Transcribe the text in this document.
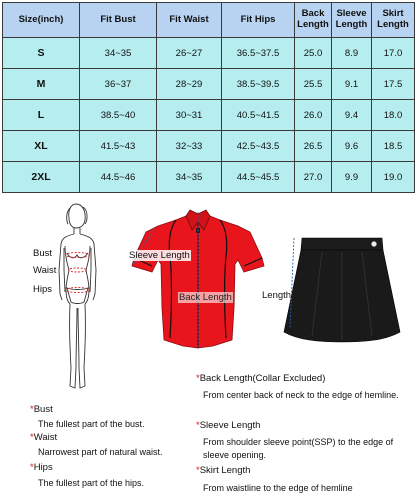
Size(inch)	Fit Bust	Fit Waist	Fit Hips	Back Length	Sleeve Length	Skirt Length
S	34~35	26~27	36.5~37.5	25.0	8.9	17.0
M	36~37	28~29	38.5~39.5	25.5	9.1	17.5
L	38.5~40	30~31	40.5~41.5	26.0	9.4	18.0
XL	41.5~43	32~33	42.5~43.5	26.5	9.6	18.5
2XL	44.5~46	34~35	44.5~45.5	27.0	9.9	19.0
Bust
Waist
Hips
Sleeve Length
Back Length	Length
*Bust
The fullest part of the bust.
*Waist
Narrowest part of natural waist.
*Hips
The fullest part of the hips.
*Back Length(Collar Excluded)
From center back of neck to the edge of hemline.
*Sleeve Length
From shoulder sleeve point(SSP) to the edge of sleeve opening.
*Skirt Length
From waistline to the edge of hemline
